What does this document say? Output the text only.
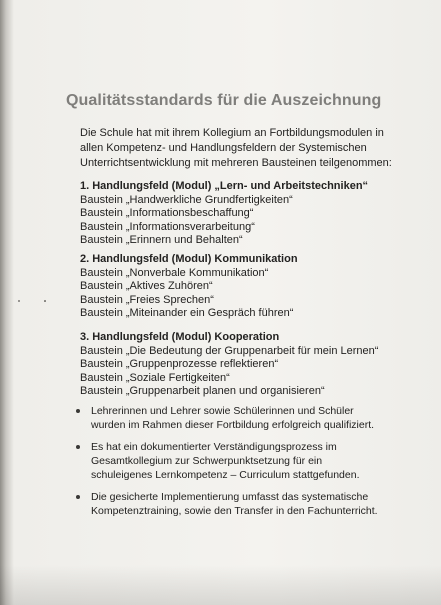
Qualitätsstandards für die Auszeichnung

Die Schule hat mit ihrem Kollegium an Fortbildungsmodulen in
allen Kompetenz- und Handlungsfeldern der Systemischen
Unterrichtsentwicklung mit mehreren Bausteinen teilgenommen:

1. Handlungsfeld (Modul) „Lern- und Arbeitstechniken“
Baustein „Handwerkliche Grundfertigkeiten“
Baustein „Informationsbeschaffung“
Baustein „Informationsverarbeitung“
Baustein „Erinnern und Behalten“
2. Handlungsfeld (Modul) Kommunikation
Baustein „Nonverbale Kommunikation“
Baustein „Aktives Zuhören“
Baustein „Freies Sprechen“
Baustein „Miteinander ein Gespräch führen“
3. Handlungsfeld (Modul) Kooperation
Baustein „Die Bedeutung der Gruppenarbeit für mein Lernen“
Baustein „Gruppenprozesse reflektieren“
Baustein „Soziale Fertigkeiten“
Baustein „Gruppenarbeit planen und organisieren“
Lehrerinnen und Lehrer sowie Schülerinnen und Schüler
wurden im Rahmen dieser Fortbildung erfolgreich qualifiziert.
Es hat ein dokumentierter Verständigungsprozess im
Gesamtkollegium zur Schwerpunktsetzung für ein
schuleigenes Lernkompetenz – Curriculum stattgefunden.
Die gesicherte Implementierung umfasst das systematische
Kompetenztraining, sowie den Transfer in den Fachunterricht.
